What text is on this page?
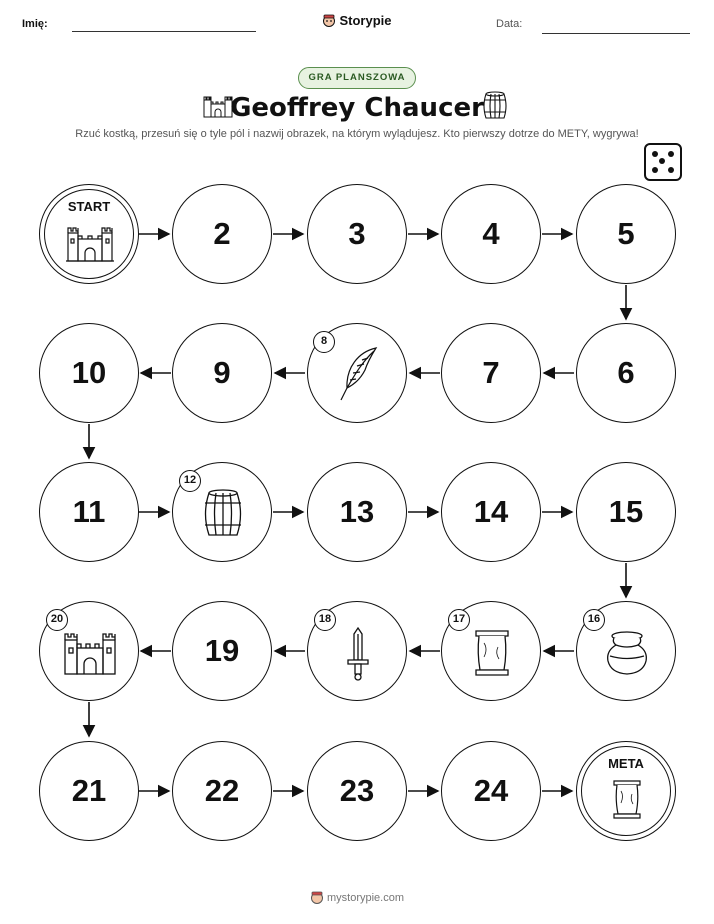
Imię:	Storypie	Data:
GRA PLANSZOWA
Geoffrey Chaucer
Rzuć kostką, przesuń się o tyle pól i nazwij obrazek, na którym wylądujesz. Kto pierwszy dotrze do METY, wygrywa!
START
2	3	4	5
6
7
8
9
10
11
12
13	14	15
16
17
18
19
20
21	22	23	24
META
mystorypie.com
